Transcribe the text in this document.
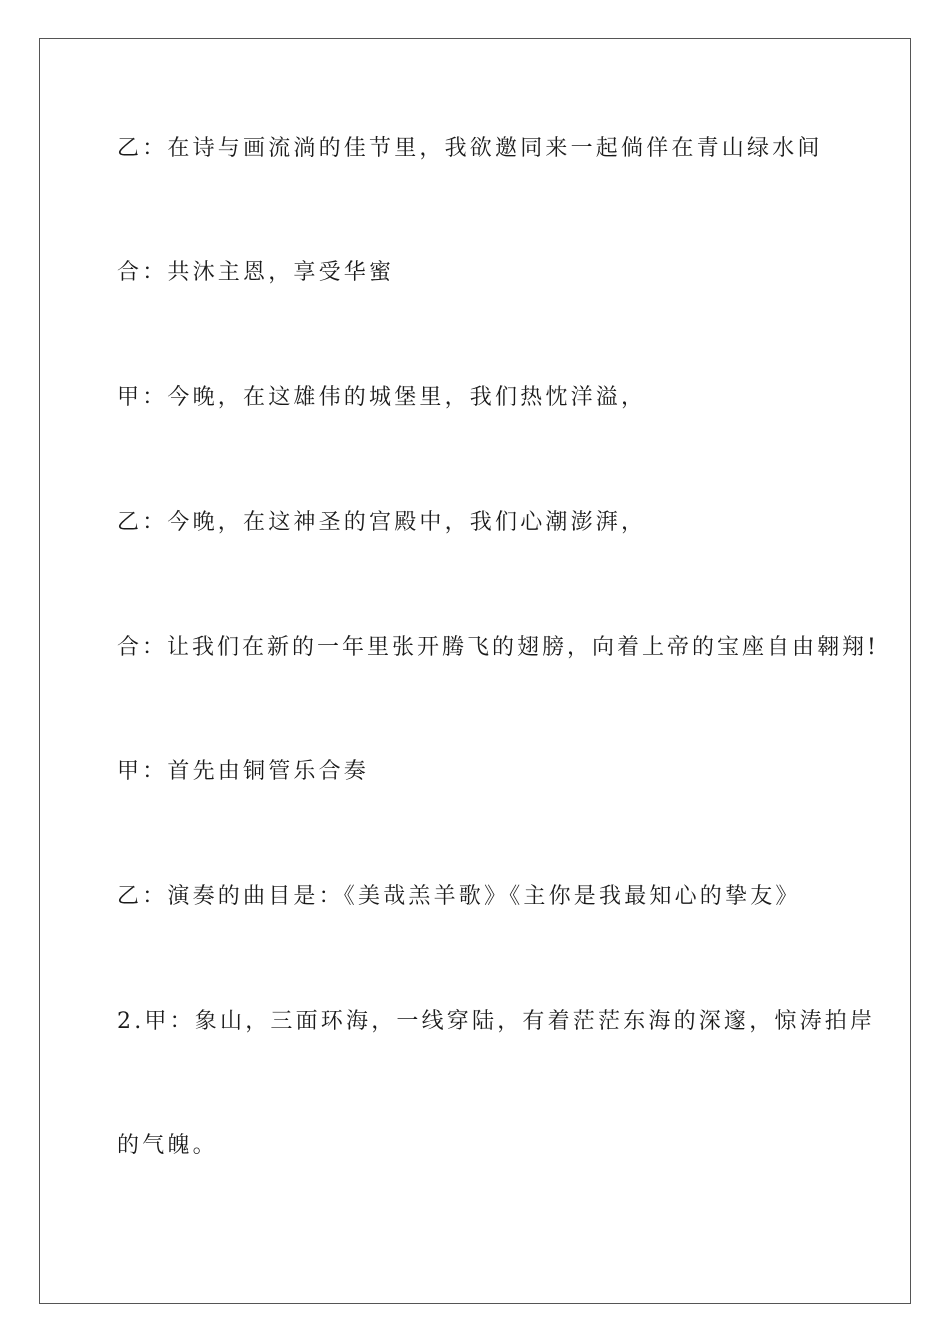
乙：在诗与画流淌的佳节里，我欲邀同来一起倘佯在青山绿水间

合：共沐主恩，享受华蜜

甲：今晚，在这雄伟的城堡里，我们热忱洋溢，

乙：今晚，在这神圣的宫殿中，我们心潮澎湃，

合：让我们在新的一年里张开腾飞的翅膀，向着上帝的宝座自由翱翔!

甲：首先由铜管乐合奏

乙：演奏的曲目是：《美哉羔羊歌》《主你是我最知心的挚友》

2.甲：象山，三面环海，一线穿陆，有着茫茫东海的深邃，惊涛拍岸

的气魄。
